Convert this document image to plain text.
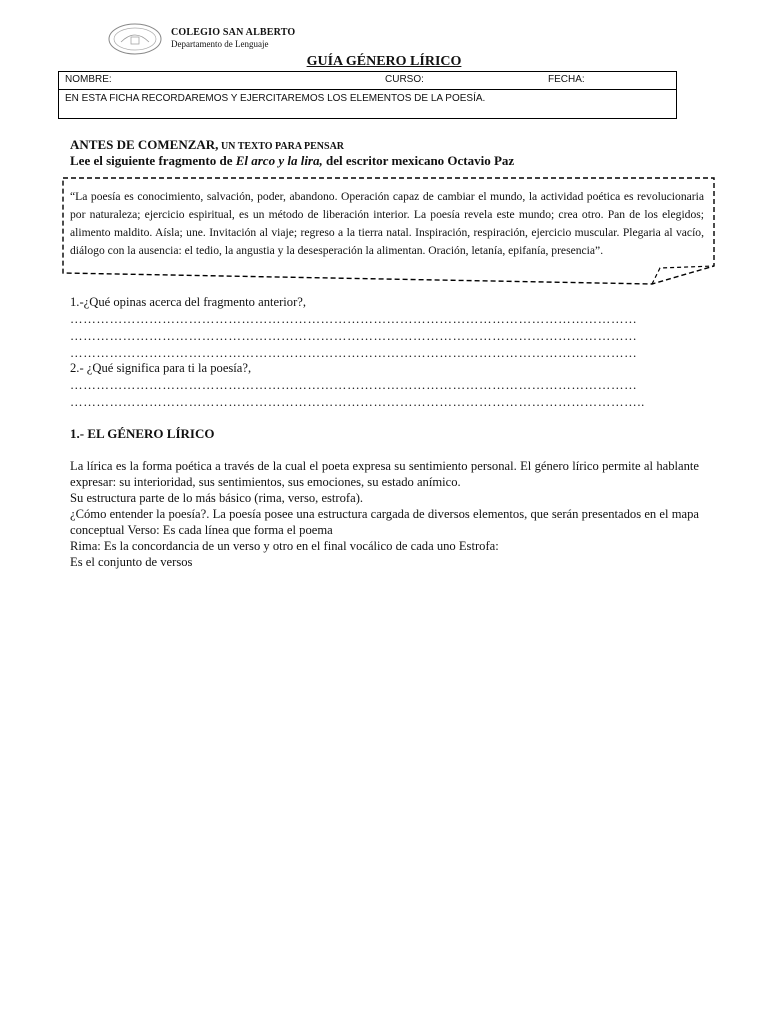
COLEGIO SAN ALBERTO
Departamento de Lenguaje
GUÍA GÉNERO LÍRICO
NOMBRE:	CURSO:	FECHA:
EN ESTA FICHA RECORDAREMOS Y EJERCITAREMOS LOS ELEMENTOS DE LA POESÍA.
ANTES DE COMENZAR, UN TEXTO PARA PENSAR
Lee el siguiente fragmento de El arco y la lira, del escritor mexicano Octavio Paz
“La poesía es conocimiento, salvación, poder, abandono. Operación capaz de cambiar el mundo, la actividad poética es revolucionaria por naturaleza; ejercicio espiritual, es un método de liberación interior. La poesía revela este mundo; crea otro. Pan de los elegidos; alimento maldito. Aísla; une. Invitación al viaje; regreso a la tierra natal. Inspiración, respiración, ejercicio muscular. Plegaria al vacío, diálogo con la ausencia: el tedio, la angustia y la desesperación la alimentan. Oración, letanía, epifanía, presencia”.
1.-¿Qué opinas acerca del fragmento anterior?,
…………………………………………………………………………………………………………………
…………………………………………………………………………………………………………………
…………………………………………………………………………………………………………………
2.- ¿Qué significa para ti la poesía?,
…………………………………………………………………………………………………………………
…………………………………………………………………………………………………………………..
1.- EL GÉNERO LÍRICO

La lírica es la forma poética a través de la cual el poeta expresa su sentimiento personal. El género lírico permite al hablante expresar: su interioridad, sus sentimientos, sus emociones, su estado anímico.

Su estructura parte de lo más básico (rima, verso, estrofa).

¿Cómo entender la poesía?. La poesía posee una estructura cargada de diversos elementos, que serán presentados en el mapa conceptual Verso: Es cada línea que forma el poema

Rima: Es la concordancia de un verso y otro en el final vocálico de cada uno Estrofa:

Es el conjunto de versos
